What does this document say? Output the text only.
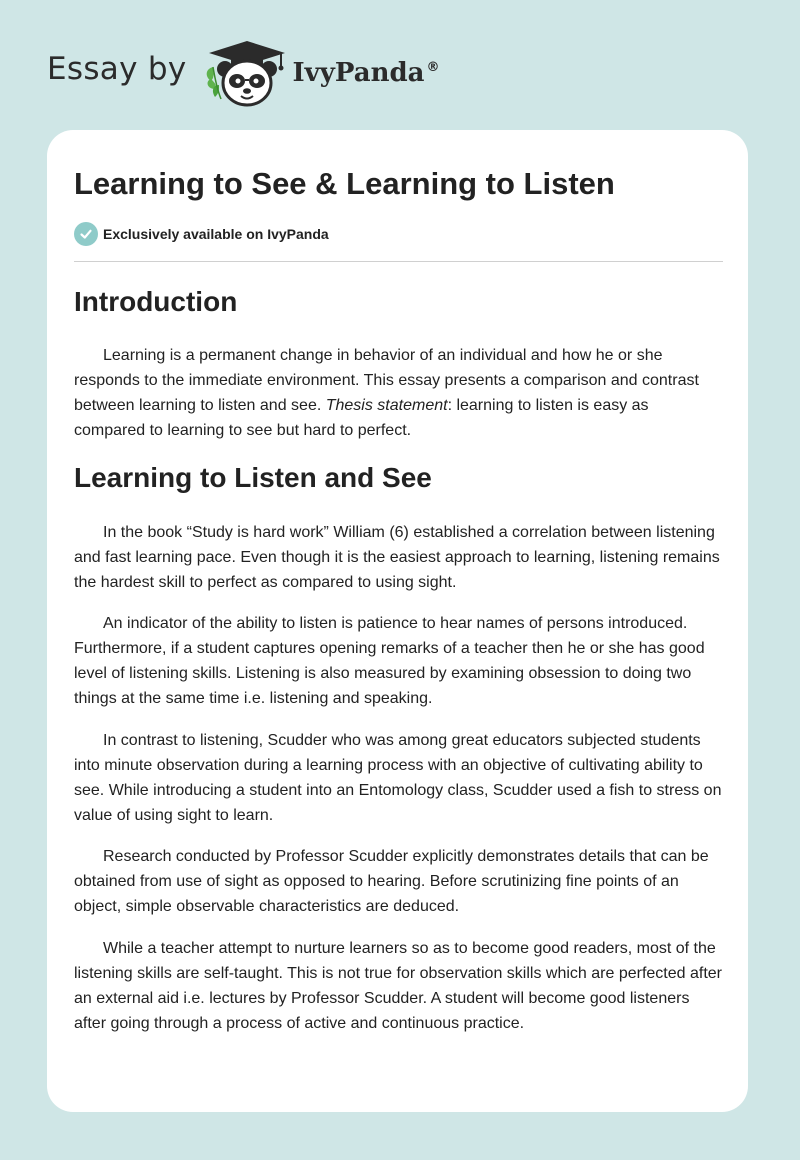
Essay by	IvyPanda ®
Learning to See & Learning to Listen
Exclusively available on IvyPanda
Introduction

Learning is a permanent change in behavior of an individual and how he or she responds to the immediate environment. This essay presents a comparison and contrast between learning to listen and see. Thesis statement: learning to listen is easy as compared to learning to see but hard to perfect.

Learning to Listen and See

In the book “Study is hard work” William (6) established a correlation between listening and fast learning pace. Even though it is the easiest approach to learning, listening remains the hardest skill to perfect as compared to using sight.

An indicator of the ability to listen is patience to hear names of persons introduced. Furthermore, if a student captures opening remarks of a teacher then he or she has good level of listening skills. Listening is also measured by examining obsession to doing two things at the same time i.e. listening and speaking.

In contrast to listening, Scudder who was among great educators subjected students into minute observation during a learning process with an objective of cultivating ability to see. While introducing a student into an Entomology class, Scudder used a fish to stress on value of using sight to learn.

Research conducted by Professor Scudder explicitly demonstrates details that can be obtained from use of sight as opposed to hearing. Before scrutinizing fine points of an object, simple observable characteristics are deduced.

While a teacher attempt to nurture learners so as to become good readers, most of the listening skills are self-taught. This is not true for observation skills which are perfected after an external aid i.e. lectures by Professor Scudder. A student will become good listeners after going through a process of active and continuous practice.
